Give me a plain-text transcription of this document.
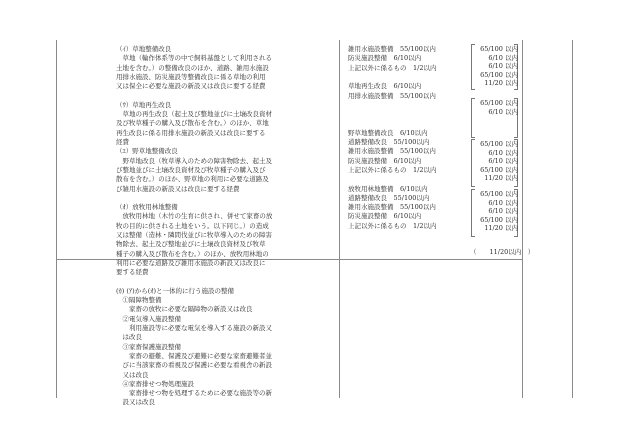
（ｲ）草地整備改良
　草地（輪作体系等の中で飼料基盤として利用される
土地を含む。）の整備改良のほか、道路、雑用水施設
用排水施設、防災施設等整備改良に係る草地の利用
又は保全に必要な施設の新設又は改良に要する経費
（ｳ）草地再生改良
　草地の再生改良（起土及び整地並びに土壌改良資材
及び牧草種子の購入及び散布を含む。）のほか、草地
再生改良に係る用排水施設の新設又は改良に要する
経費
（ｴ）野草地整備改良
　野草地改良（牧草導入のための障害物除去、起土及
び整地並びに土壌改良資材及び牧草種子の購入及び
散布を含む。）のほか、野草地の利用に必要な道路及
び雑用水施設の新設又は改良に要する経費
（ｵ）放牧用林地整備
　放牧用林地（木竹の生育に供され、併せて家畜の放
牧の目的に供される土地をいう。以下同じ。）の造成
又は整備（造林・隣間伐並びに牧草導入のための障害
物除去、起土及び整地並びに土壌改良資材及び牧草
種子の購入及び散布を含む。）のほか、放牧用林地の
利用に必要な道路及び雑用水施設の新設又は改良に
要する経費
(ｶ) (ｱ)から(ｵ)と一体的に行う施設の整備
　①隔障物整備
　　家畜の放牧に必要な隔障物の新設又は改良
　②電気導入施設整備
　　利用施設等に必要な電気を導入する施設の新設又
　は改良
　③家畜保護施設整備
　　家畜の避難、保護及び避難に必要な家畜避難者並
　びに当該家畜の看視及び保護に必要な看視舎の新設
　又は改良
　④家畜排せつ物処理施設
　　家畜排せつ物を処理するために必要な施設等の新
　設又は改良
雑用水施設整備　55/100以内
防災施設整備　6/10以内
上記以外に係るもの　1/2以内
草地再生改良　6/10以内
用排水施設整備　55/100以内
野草地整備改良　6/10以内
道路整備改良　55/100以内
雑用水施設整備　55/100以内
防災施設整備　6/10以内
上記以外に係るもの　1/2以内
放牧用林地整備　6/10以内
道路整備改良　55/100以内
雑用水施設整備　55/100以内
防災施設整備　6/10以内
上記以外に係るもの　1/2以内
65/100 以内
6/10 以内
6/10 以内
65/100 以内
11/20 以内
65/100 以内
6/10 以内
65/100 以内
6/10 以内
6/10 以内
65/100 以内
11/20 以内
65/100 以内
6/10 以内
6/10 以内
65/100 以内
11/20 以内
（　　11/20以内　）
